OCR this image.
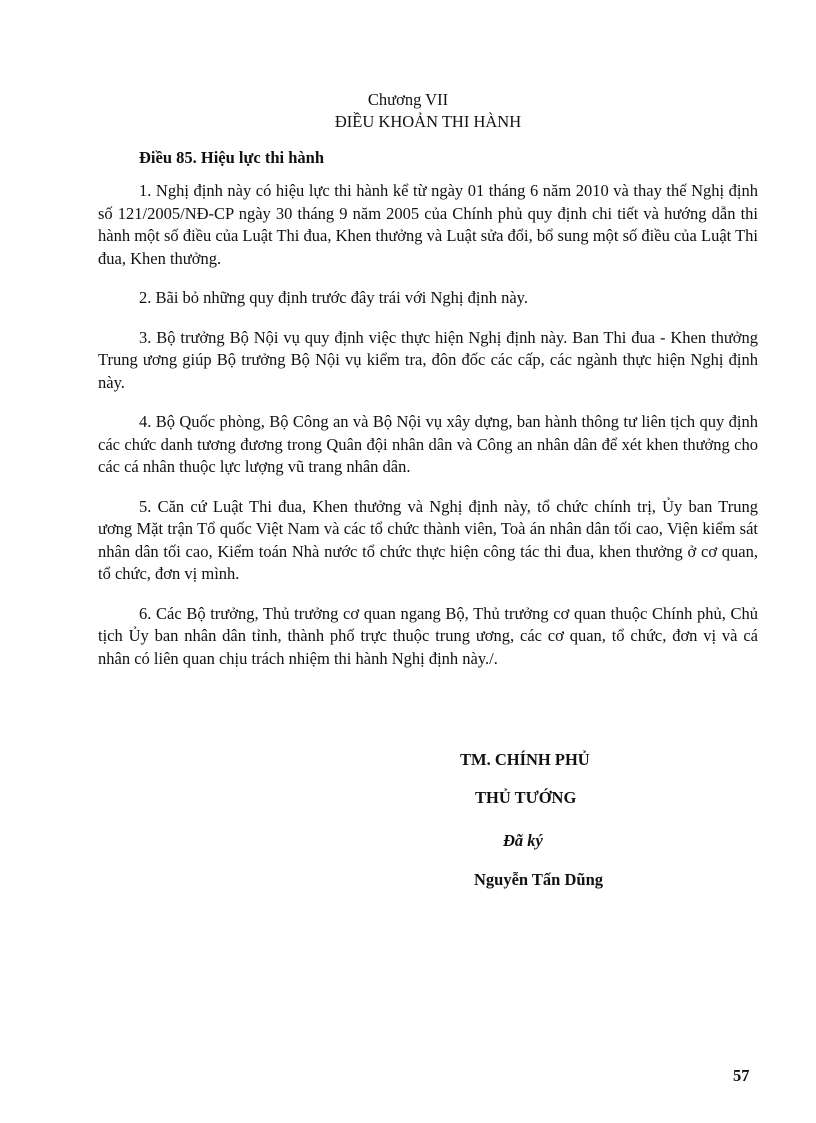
Chương VII
ĐIỀU KHOẢN THI HÀNH
Điều 85. Hiệu lực thi hành

1. Nghị định này có hiệu lực thi hành kể từ ngày 01 tháng 6 năm 2010 và thay thế Nghị định số 121/2005/NĐ-CP ngày 30 tháng 9 năm 2005 của Chính phủ quy định chi tiết và hướng dẫn thi hành một số điều của Luật Thi đua, Khen thưởng và Luật sửa đổi, bổ sung một số điều của Luật Thi đua, Khen thưởng.

2. Bãi bỏ những quy định trước đây trái với Nghị định này.

3. Bộ trưởng Bộ Nội vụ quy định việc thực hiện Nghị định này. Ban Thi đua - Khen thưởng Trung ương giúp Bộ trưởng Bộ Nội vụ kiểm tra, đôn đốc các cấp, các ngành thực hiện Nghị định này.

4. Bộ Quốc phòng, Bộ Công an và Bộ Nội vụ xây dựng, ban hành thông tư liên tịch quy định các chức danh tương đương trong Quân đội nhân dân và Công an nhân dân để xét khen thưởng cho các cá nhân thuộc lực lượng vũ trang nhân dân.

5. Căn cứ Luật Thi đua, Khen thưởng và Nghị định này, tổ chức chính trị, Ủy ban Trung ương Mặt trận Tổ quốc Việt Nam và các tổ chức thành viên, Toà án nhân dân tối cao, Viện kiểm sát nhân dân tối cao, Kiểm toán Nhà nước tổ chức thực hiện công tác thi đua, khen thưởng ở cơ quan, tổ chức, đơn vị mình.

6. Các Bộ trưởng, Thủ trưởng cơ quan ngang Bộ, Thủ trưởng cơ quan thuộc Chính phủ, Chủ tịch Ủy ban nhân dân tỉnh, thành phố trực thuộc trung ương, các cơ quan, tổ chức, đơn vị và cá nhân có liên quan chịu trách nhiệm thi hành Nghị định này./.

TM. CHÍNH PHỦ
THỦ TƯỚNG
Đã ký
Nguyễn Tấn Dũng
57
